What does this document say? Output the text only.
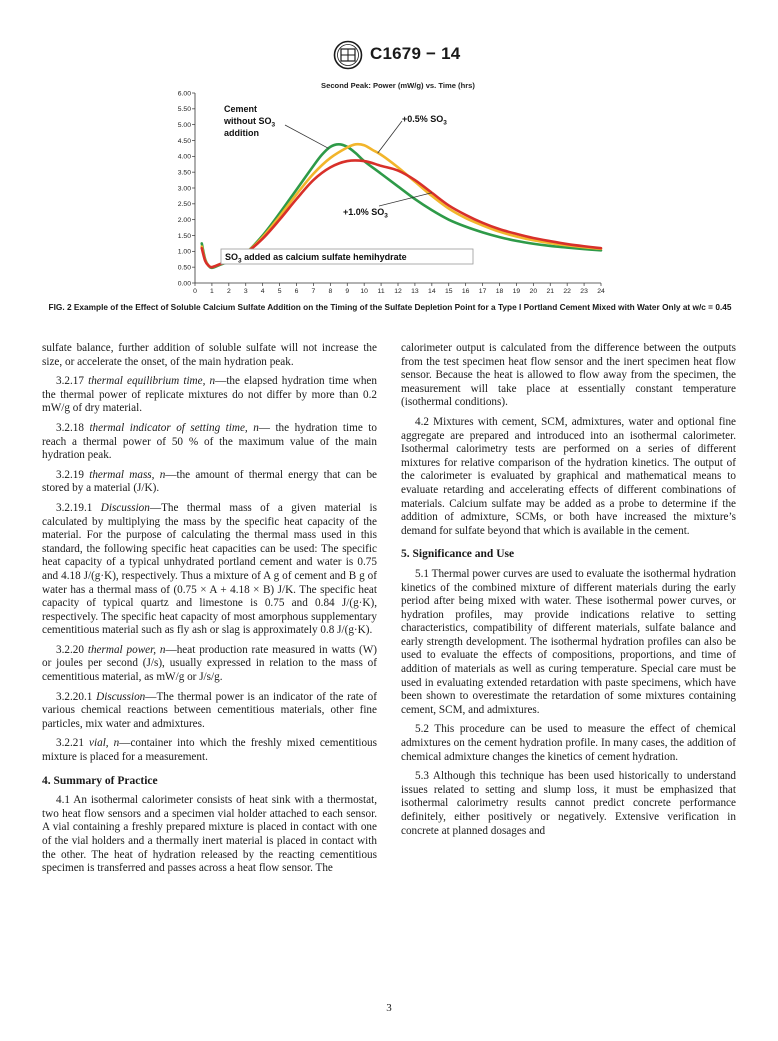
C1679 − 14
Second Peak: Power (mW/g) vs. Time (hrs)
0.00
0.50
1.00
1.50
2.00
2.50
3.00
3.50
4.00
4.50
5.00
5.50
6.00
0 1 2 3 4 5 6 7 8 9 10 11 12 13 14 15 16 17 18 19 20 21 22 23 24
Cement
without $SO_3$
addition
+0.5% $SO_3$
+1.0% $SO_3$
$SO_3$ added as calcium sulfate hemihydrate
FIG. 2 Example of the Effect of Soluble Calcium Sulfate Addition on the Timing of the Sulfate Depletion Point for a Type I Portland Cement Mixed with Water Only at w/c = 0.45

sulfate balance, further addition of soluble sulfate will not increase the size, or accelerate the onset, of the main hydration peak.

3.2.17 thermal equilibrium time, n—the elapsed hydration time when the thermal power of replicate mixtures do not differ by more than 0.2 mW/g of dry material.

3.2.18 thermal indicator of setting time, n— the hydration time to reach a thermal power of 50 % of the maximum value of the main hydration peak.

3.2.19 thermal mass, n—the amount of thermal energy that can be stored by a material (J/K).

3.2.19.1 Discussion—The thermal mass of a given material is calculated by multiplying the mass by the specific heat capacity of the material. For the purpose of calculating the thermal mass used in this standard, the following specific heat capacities can be used: The specific heat capacity of a typical unhydrated portland cement and water is 0.75 and 4.18 J/(g·K), respectively. Thus a mixture of A g of cement and B g of water has a thermal mass of (0.75 × A + 4.18 × B) J/K. The specific heat capacity of typical quartz and limestone is 0.75 and 0.84 J/(g·K), respectively. The specific heat capacity of most amorphous supplementary cementitious material such as fly ash or slag is approximately 0.8 J/(g·K).

3.2.20 thermal power, n—heat production rate measured in watts (W) or joules per second (J/s), usually expressed in relation to the mass of cementitious material, as mW/g or J/s/g.

3.2.20.1 Discussion—The thermal power is an indicator of the rate of various chemical reactions between cementitious materials, other fine particles, mix water and admixtures.

3.2.21 vial, n—container into which the freshly mixed cementitious mixture is placed for a measurement.

4. Summary of Practice

4.1 An isothermal calorimeter consists of heat sink with a thermostat, two heat flow sensors and a specimen vial holder attached to each sensor. A vial containing a freshly prepared mixture is placed in contact with one of the vial holders and a thermally inert material is placed in contact with the other. The heat of hydration released by the reacting cementitious specimen is transferred and passes across a heat flow sensor. The

calorimeter output is calculated from the difference between the outputs from the test specimen heat flow sensor and the inert specimen heat flow sensor. Because the heat is allowed to flow away from the specimen, the measurement will take place at essentially constant temperature (isothermal conditions).

4.2 Mixtures with cement, SCM, admixtures, water and optional fine aggregate are prepared and introduced into an isothermal calorimeter. Isothermal calorimetry tests are performed on a series of different mixtures for relative comparison of the hydration kinetics. The output of the calorimeter is evaluated by graphical and mathematical means to evaluate retarding and accelerating effects of different combinations of materials. Calcium sulfate may be added as a probe to determine if the addition of admixture, SCMs, or both have increased the mixture’s demand for sulfate beyond that which is available in the cement.

5. Significance and Use

5.1 Thermal power curves are used to evaluate the isothermal hydration kinetics of the combined mixture of different materials during the early period after being mixed with water. These isothermal power curves, or hydration profiles, may provide indications relative to setting characteristics, compatibility of different materials, sulfate balance and early strength development. The isothermal hydration profiles can also be used to evaluate the effects of compositions, proportions, and time of addition of materials as well as curing temperature. Special care must be used in evaluating extended retardation with paste specimens, which have been shown to overestimate the retardation of some mixtures containing cement, SCM, and admixtures.

5.2 This procedure can be used to measure the effect of chemical admixtures on the cement hydration profile. In many cases, the addition of chemical admixture changes the kinetics of cement hydration.

5.3 Although this technique has been used historically to understand issues related to setting and slump loss, it must be emphasized that isothermal calorimetry results cannot predict concrete performance definitely, either positively or negatively. Extensive verification in concrete at planned dosages and

3
